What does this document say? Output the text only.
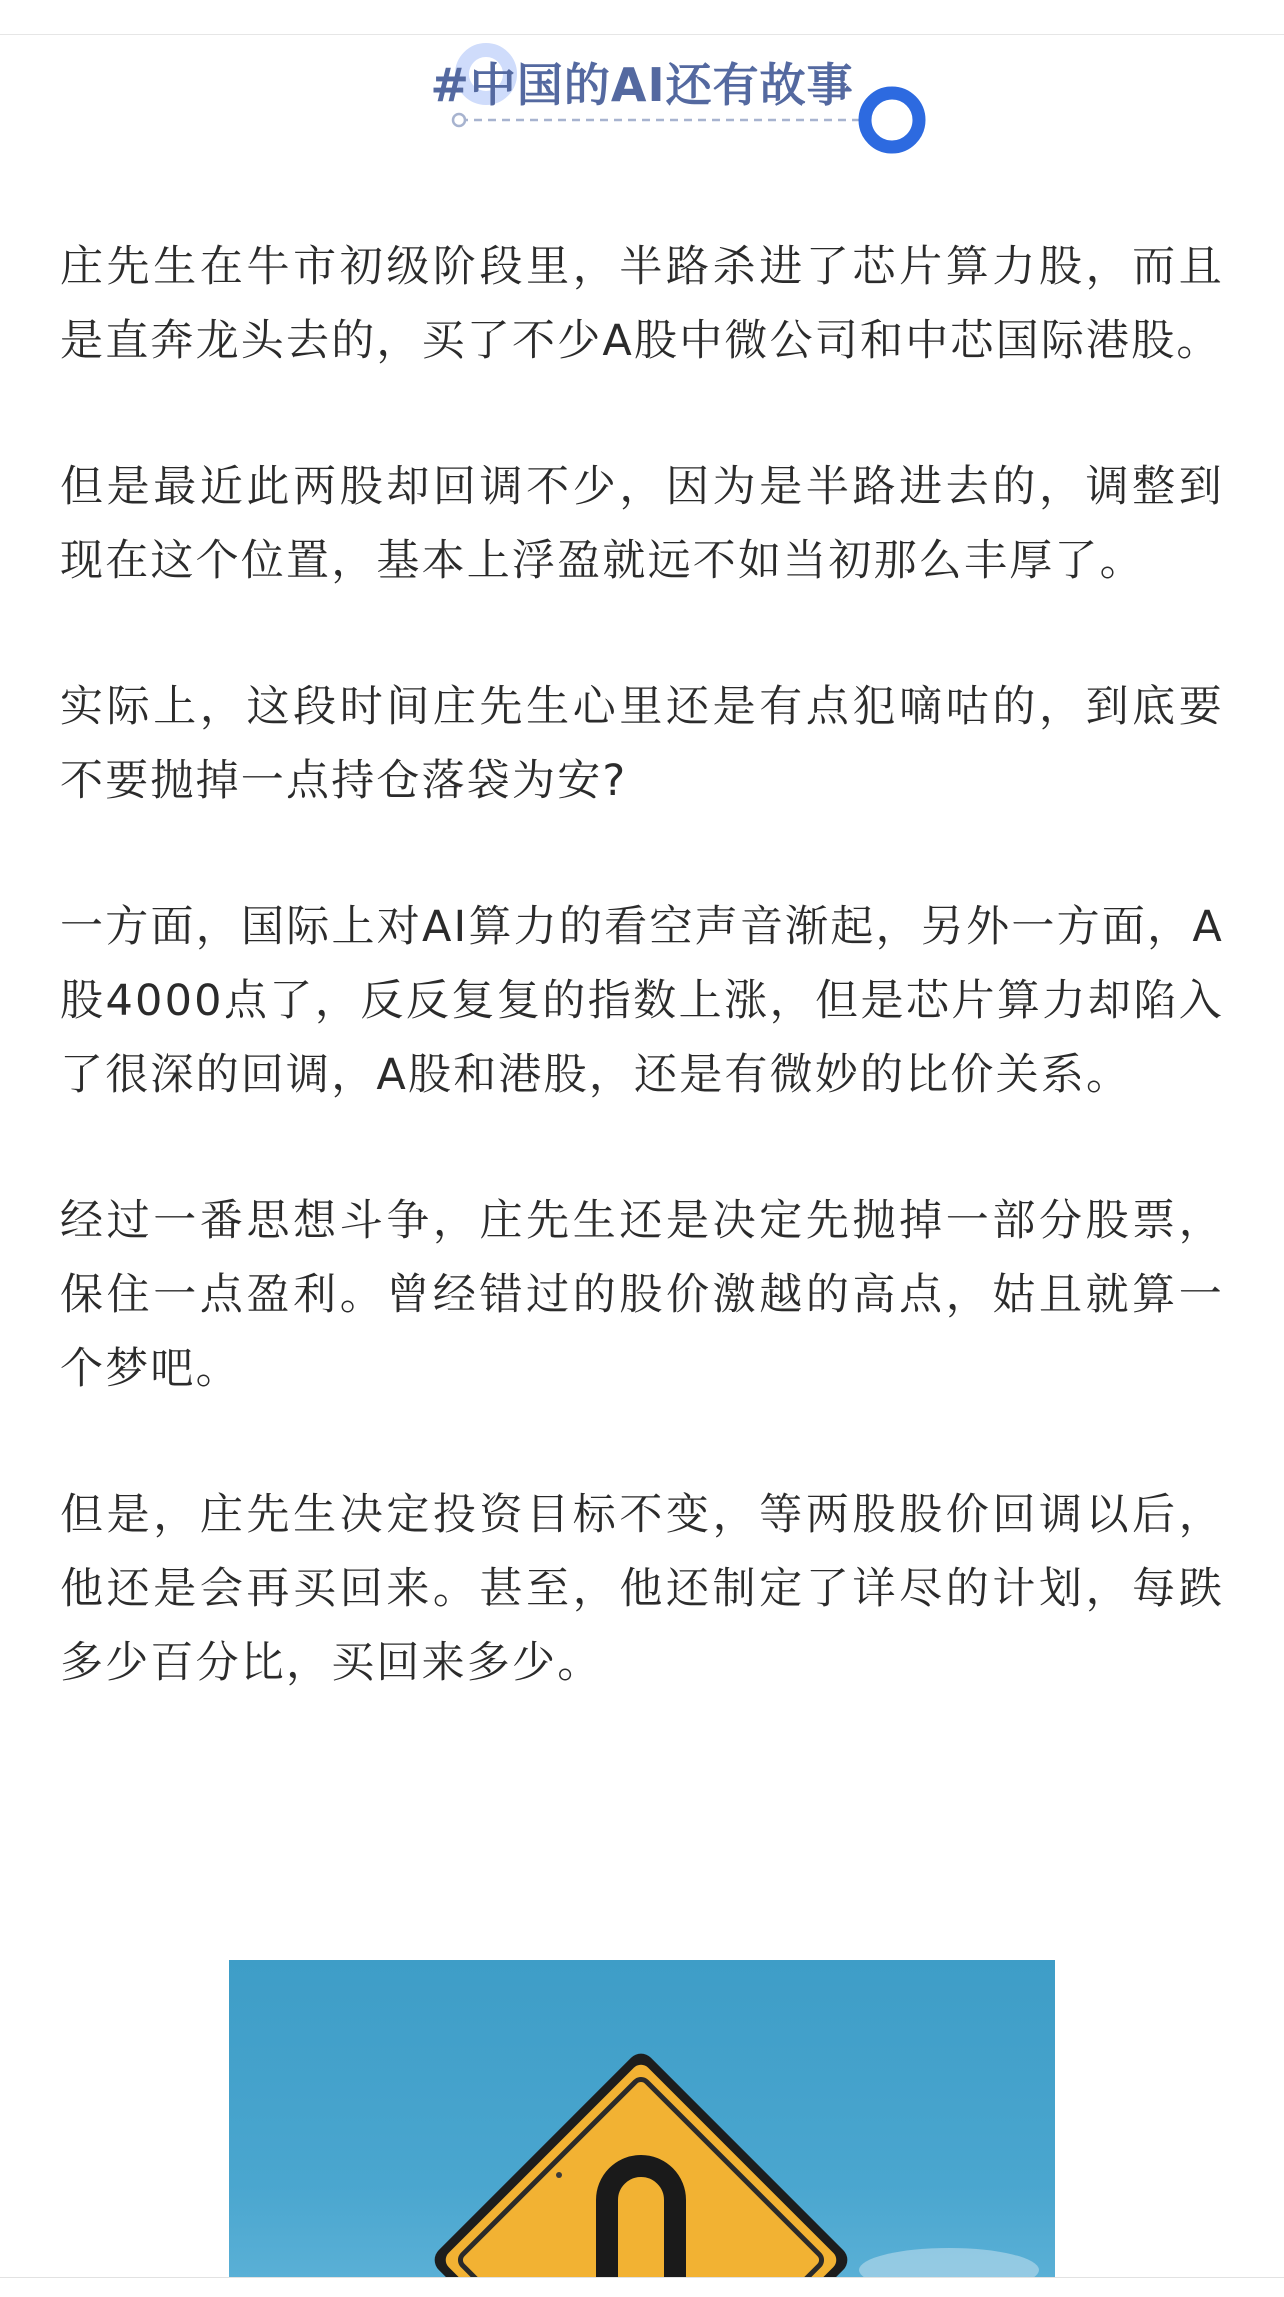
#中国的AI还有故事

庄先生在牛市初级阶段里，半路杀进了芯片算力股，而且是直奔龙头去的，买了不少A股中微公司和中芯国际港股。

但是最近此两股却回调不少，因为是半路进去的，调整到现在这个位置，基本上浮盈就远不如当初那么丰厚了。

实际上，这段时间庄先生心里还是有点犯嘀咕的，到底要不要抛掉一点持仓落袋为安?

一方面，国际上对AI算力的看空声音渐起，另外一方面，A股4000点了，反反复复的指数上涨，但是芯片算力却陷入了很深的回调，A股和港股，还是有微妙的比价关系。

经过一番思想斗争，庄先生还是决定先抛掉一部分股票，保住一点盈利。曾经错过的股价激越的高点，姑且就算一个梦吧。

但是，庄先生决定投资目标不变，等两股股价回调以后，他还是会再买回来。甚至，他还制定了详尽的计划，每跌多少百分比，买回来多少。
